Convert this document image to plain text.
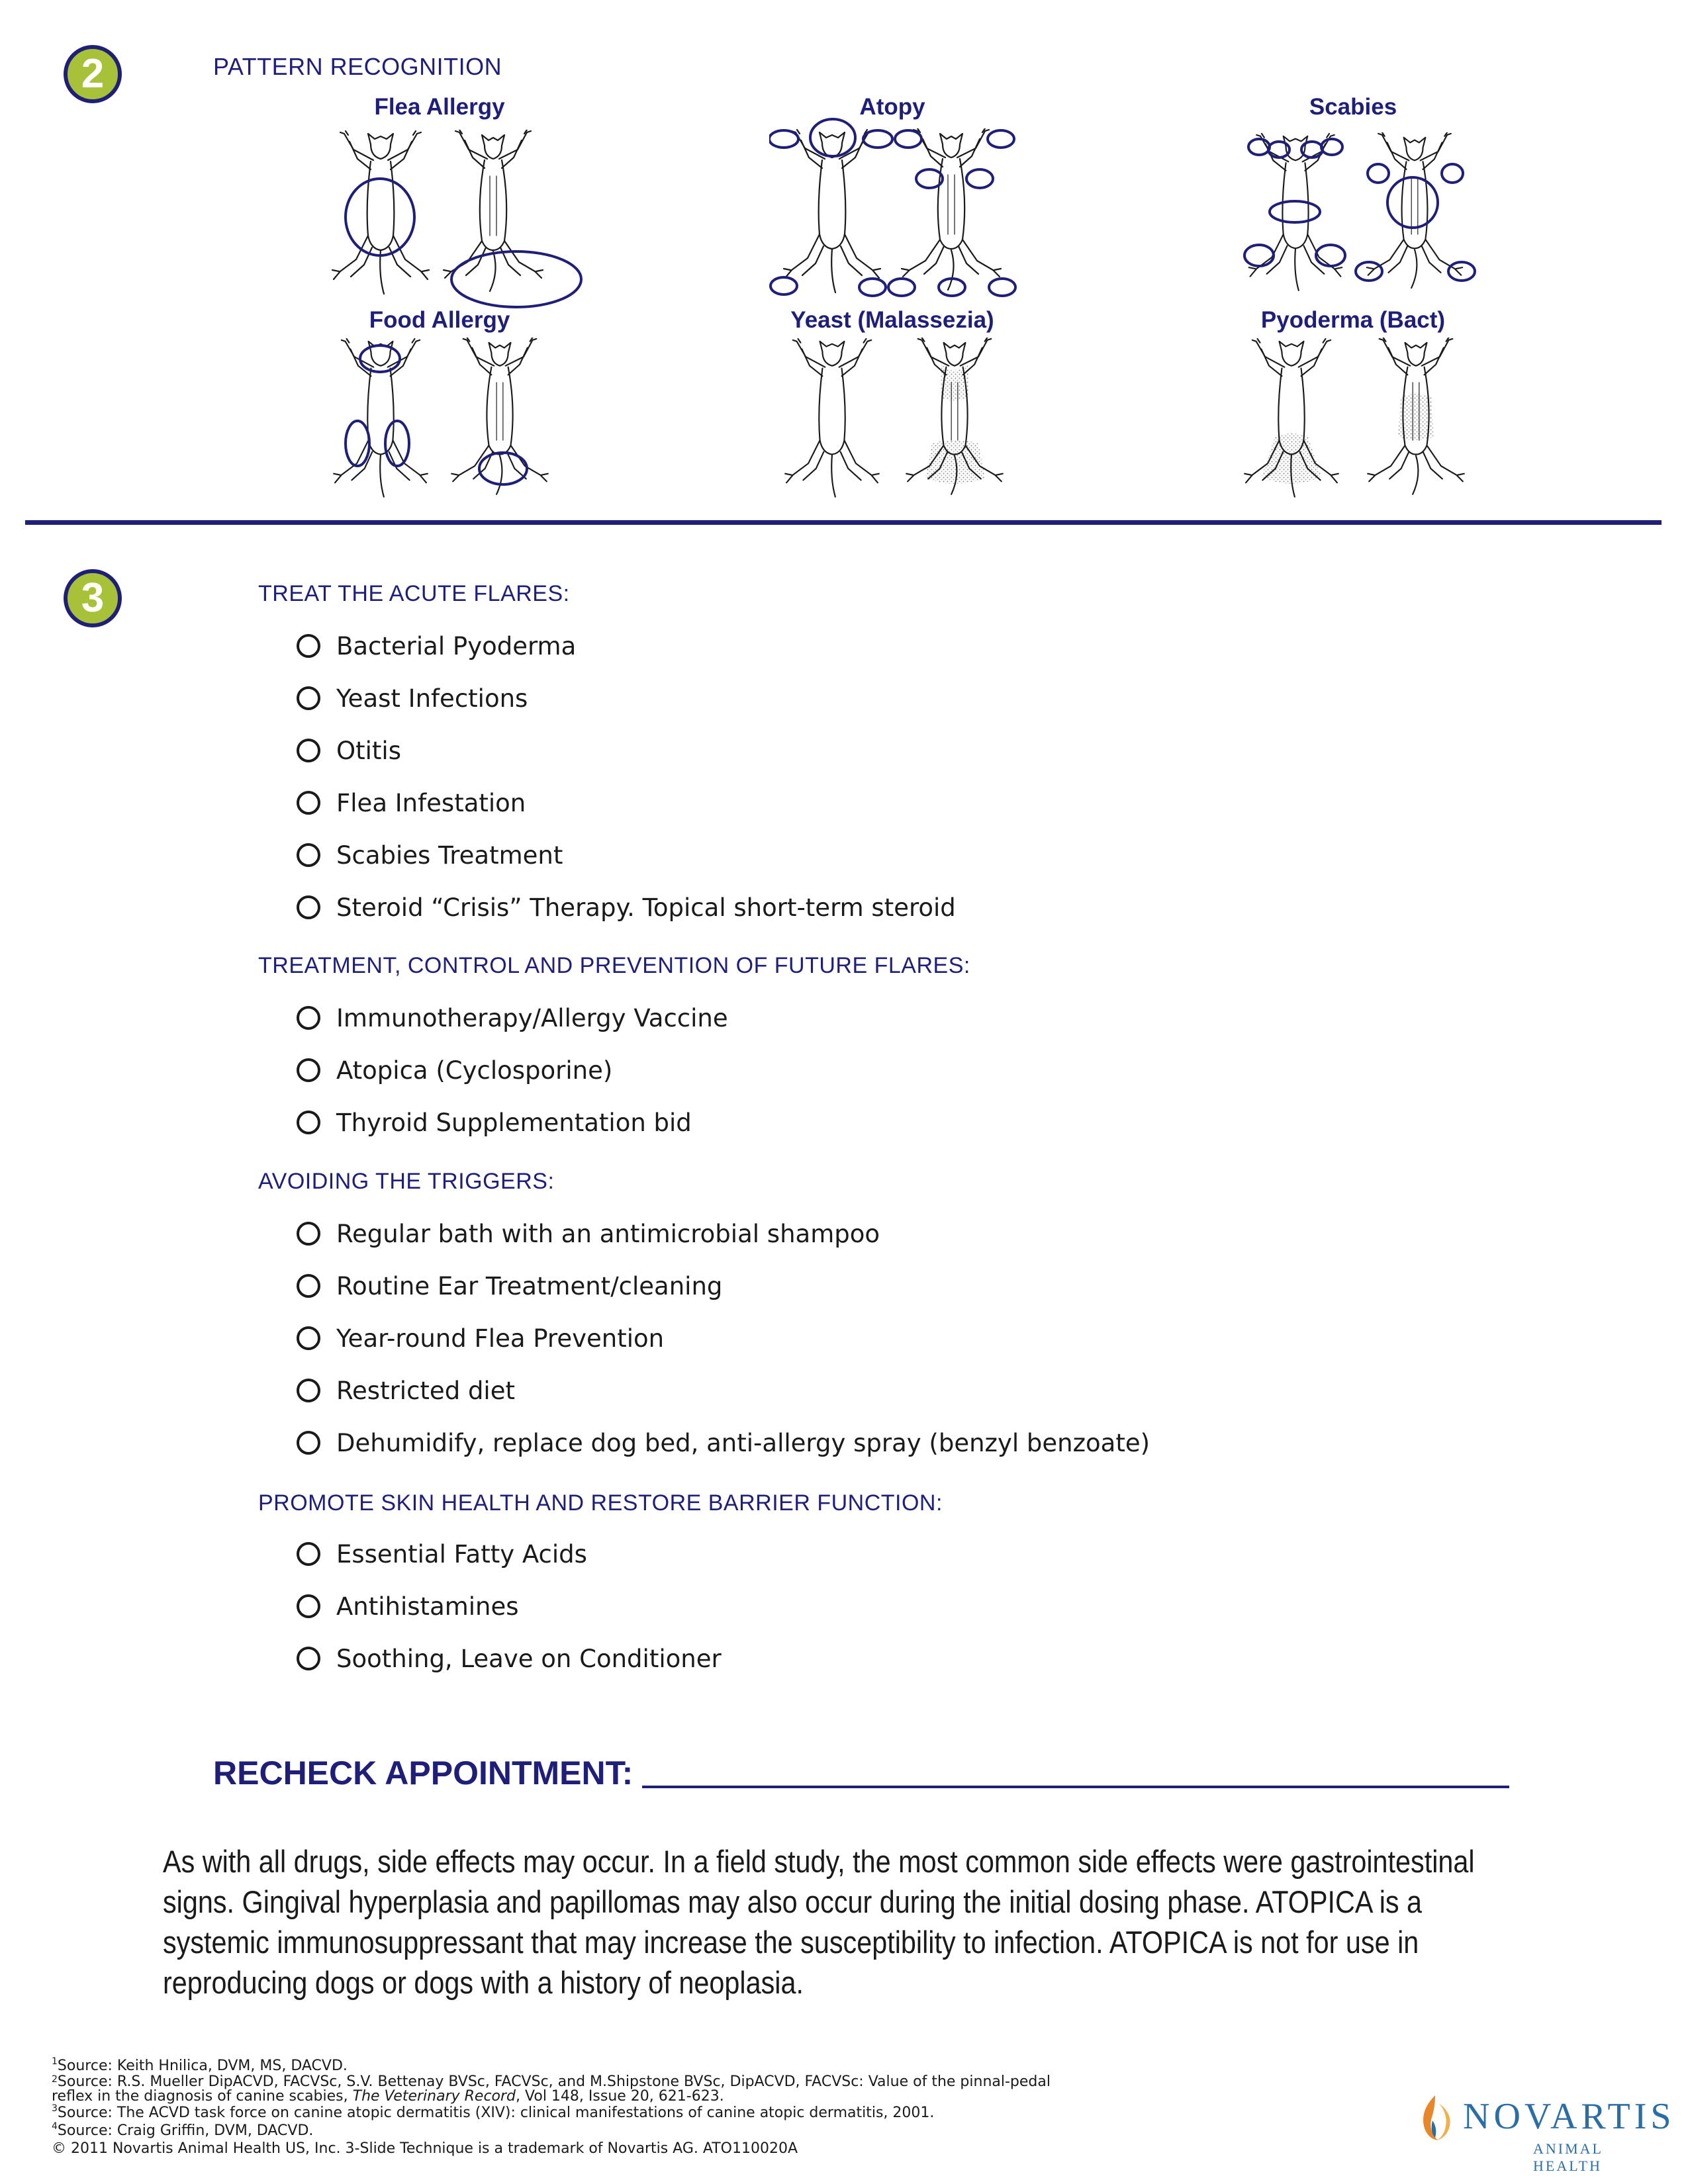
2	PATTERN RECOGNITION
Flea Allergy	Atopy	Scabies
Food Allergy	Yeast (Malassezia)	Pyoderma (Bact)
3	TREAT THE ACUTE FLARES:
Bacterial Pyoderma
Yeast Infections
Otitis
Flea Infestation
Scabies Treatment
Steroid “Crisis” Therapy. Topical short-term steroid
TREATMENT, CONTROL AND PREVENTION OF FUTURE FLARES:
Immunotherapy/Allergy Vaccine
Atopica (Cyclosporine)
Thyroid Supplementation bid
AVOIDING THE TRIGGERS:
Regular bath with an antimicrobial shampoo
Routine Ear Treatment/cleaning
Year-round Flea Prevention
Restricted diet
Dehumidify, replace dog bed, anti-allergy spray (benzyl benzoate)
PROMOTE SKIN HEALTH AND RESTORE BARRIER FUNCTION:
Essential Fatty Acids
Antihistamines
Soothing, Leave on Conditioner
RECHECK APPOINTMENT:
As with all drugs, side effects may occur. In a field study, the most common side effects were gastrointestinal
signs. Gingival hyperplasia and papillomas may also occur during the initial dosing phase. ATOPICA is a
systemic immunosuppressant that may increase the susceptibility to infection. ATOPICA is not for use in
reproducing dogs or dogs with a history of neoplasia.
$^1$Source: Keith Hnilica, DVM, MS, DACVD.
$^2$Source: R.S. Mueller DipACVD, FACVSc, S.V. Bettenay BVSc, FACVSc, and M.Shipstone BVSc, DipACVD, FACVSc: Value of the pinnal-pedal
reflex in the diagnosis of canine scabies, The Veterinary Record, Vol 148, Issue 20, 621-623.
$^3$Source: The ACVD task force on canine atopic dermatitis (XIV): clinical manifestations of canine atopic dermatitis, 2001.
$^4$Source: Craig Griffin, DVM, DACVD.
© 2011 Novartis Animal Health US, Inc. 3-Slide Technique is a trademark of Novartis AG. ATO110020A
NOVARTIS
ANIMAL HEALTH
